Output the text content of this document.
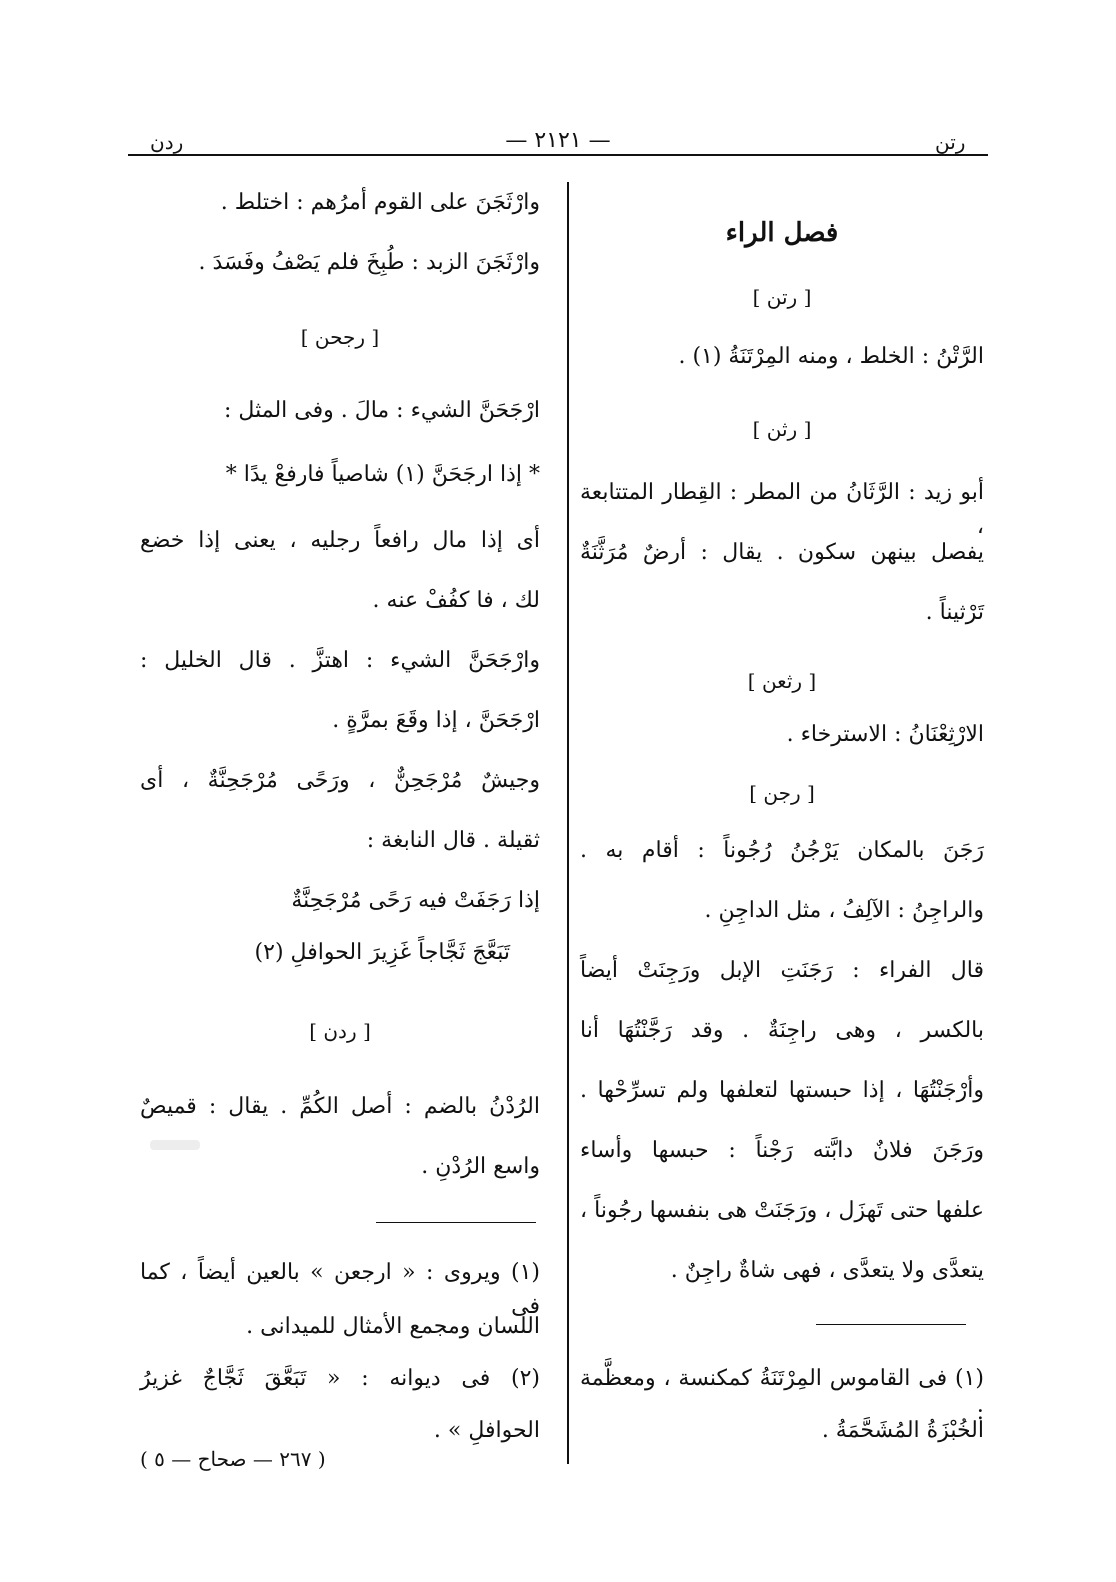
ردن	— ٢١٢١ —	رتن
فصل الراء
[ رتن ]
الرَّتْنُ : الخلط ، ومنه المِرْتَنَةُ (١) .
[ رثن ]
أبو زيد : الرَّثَانُ من المطر : القِطار المتتابعة ،
يفصل بينهن سكون . يقال : أرضٌ مُرَثَّنَةٌ
تَرْثيناً .
[ رثعن ]
الارْثِعْنَانُ : الاسترخاء .
[ رجن ]
رَجَنَ بالمكان يَرْجُنُ رُجُوناً : أقام به .
والراجِنُ : الآلِفُ ، مثل الداجِنِ .
قال الفراء : رَجَنَتِ الإبل ورَجِنَتْ أيضاً
بالكسر ، وهى راجِنَةٌ . وقد رَجَّنْتُهَا أنا
وأرْجَنْتُهَا ، إذا حبستها لتعلفها ولم تسرِّحْها .
ورَجَنَ فلانٌ دابَّته رَجْناً : حبسها وأساء
علفها حتى تَهزَل ، ورَجَنَتْ هى بنفسها رجُوناً ،
يتعدَّى ولا يتعدَّى ، فهى شاةٌ راجِنٌ .
(١) فى القاموس المِرْتَنَةُ كمكنسة ، ومعظَّمة :
الخُبْزَةُ المُشَحَّمَةُ .
وارْثَجَنَ على القوم أمرُهم : اختلط .
وارْثَجَنَ الزبد : طُبِخَ فلم يَصْفُ وفَسَدَ .
[ رجحن ]
ارْجَحَنَّ الشيء : مالَ . وفى المثل :
* إذا ارجَحَنَّ (١) شاصياً فارفعْ يدًا *
أى إذا مال رافعاً رجليه ، يعنى إذا خضع
لك ، فا كفُفْ عنه .
وارْجَحَنَّ الشيء : اهتزَّ . قال الخليل :
ارْجَحَنَّ ، إذا وقَعَ بمرَّةٍ .
وجيشٌ مُرْجَحِنٌّ ، ورَحًى مُرْجَحِنَّةٌ ، أى
ثقيلة . قال النابغة :
إذا رَجَفَتْ فيه رَحًى مُرْجَحِنَّةٌ
تَبَعَّجَ ثَجَّاجاً غَزِيرَ الحوافلِ (٢)
[ ردن ]
الرُدْنُ بالضم : أصل الكُمِّ . يقال : قميصٌ
واسع الرُدْنِ .
(١) ويروى : « ارجعن » بالعين أيضاً ، كما فى
اللسان ومجمع الأمثال للميدانى .
(٢) فى ديوانه : « تَبَعَّقَ ثَجَّاجٌ غزيرُ
الحوافلِ » .
( ٢٦٧ — صحاح — ٥ )
